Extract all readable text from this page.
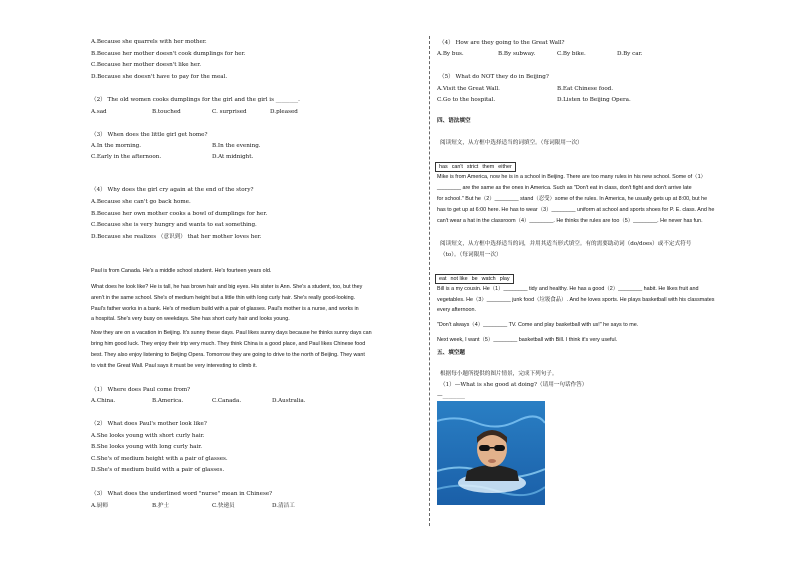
A.Because she quarrels with her mother.
B.Because her mother doesn't cook dumplings for her.
C.Because her mother doesn't like her.
D.Because she doesn't have to pay for the meal.
（2） The old women cooks dumplings for the girl and the girl is ________.
A.sad	B.touched	C. surprised	D.pleased
（3） When does the little girl get home?
A.In the morning.	B.In the evening.
C.Early in the afternoon.	D.At midnight.
（4） Why does the girl cry again at the end of the story?
A.Because she can't go back home.
B.Because her own mother cooks a bowl of dumplings for her.
C.Because she is very hungry and wants to eat something.
D.Because she realizes （意识到） that her mother loves her.
Paul is from Canada. He's a middle school student. He's fourteen years old.
What does he look like? He is tall, he has brown hair and big eyes. His sister is Ann. She's a student, too, but they
aren't in the same school. She's of medium height but a little thin with long curly hair. She's really good-looking.
Paul's father works in a bank. He's of medium build with a pair of glasses. Paul's mother is a nurse, and works in
a hospital. She's very busy on weekdays. She has short curly hair and looks young.
Now they are on a vacation in Beijing. It's sunny these days. Paul likes sunny days because he thinks sunny days can
bring him good luck. They enjoy their trip very much. They think China is a good place, and Paul likes Chinese food
best. They also enjoy listening to Beijing Opera. Tomorrow they are going to drive to the north of Beijing. They want
to visit the Great Wall. Paul says it must be very interesting to climb it.
（1） Where does Paul come from?
A.China.	B.America.	C.Canada.	D.Australia.
（2） What does Paul's mother look like?
A.She looks young with short curly hair.
B.She looks young with long curly hair.
C.She's of medium height with a pair of glasses.
D.She's of medium build with a pair of glasses.
（3） What does the underlined word "nurse" mean in Chinese?
A.厨师	B.护士	C.快递员	D.清洁工
（4） How are they going to the Great Wall?
A.By bus.	B.By subway.	C.By bike.	D.By car.
（5） What do NOT they do in Beijing?
A.Visit the Great Wall.	B.Eat Chinese food.
C.Go to the hospital.	D.Listen to Beijing Opera.
四、语法填空
阅读短文，从方框中选择适当的词填空。（每词限用一次）
has can't strict them either
Mike is from America, now he is in a school in Beijing. There are too many rules in his new school. Some of（1）
________ are the same as the ones in America. Such as "Don't eat in class, don't fight and don't arrive late
for school." But he（2）________ stand（忍受）some of the rules. In America, he usually gets up at 8:00, but he
has to get up at 6:00 here. He has to wear（3）________ uniform at school and sports shoes for P. E. class. And he
can't wear a hat in the classroom（4）________. He thinks the rules are too（5）________. He never has fun.
阅读短文，从方框中选择适当的词，并用其适当形式填空。有的需要助动词（do/does）或不定式符号
（to）。（每词限用一次）
eat not like be watch play
Bill is a my cousin. He（1）________ tidy and healthy. He has a good（2）________ habit. He likes fruit and
vegetables. He（3）________ junk food（垃圾食品）. And he loves sports. He plays basketball with his classmates
every afternoon.
"Don't always（4）________ TV. Come and play basketball with us!" he says to me.
Next week, I want（5）________ basketball with Bill. I think it's very useful.
五、填空题
根据每小题所提供的图片情景，完成下列句子。
（1）—What is she good at doing?（请用一句话作答）
—________
